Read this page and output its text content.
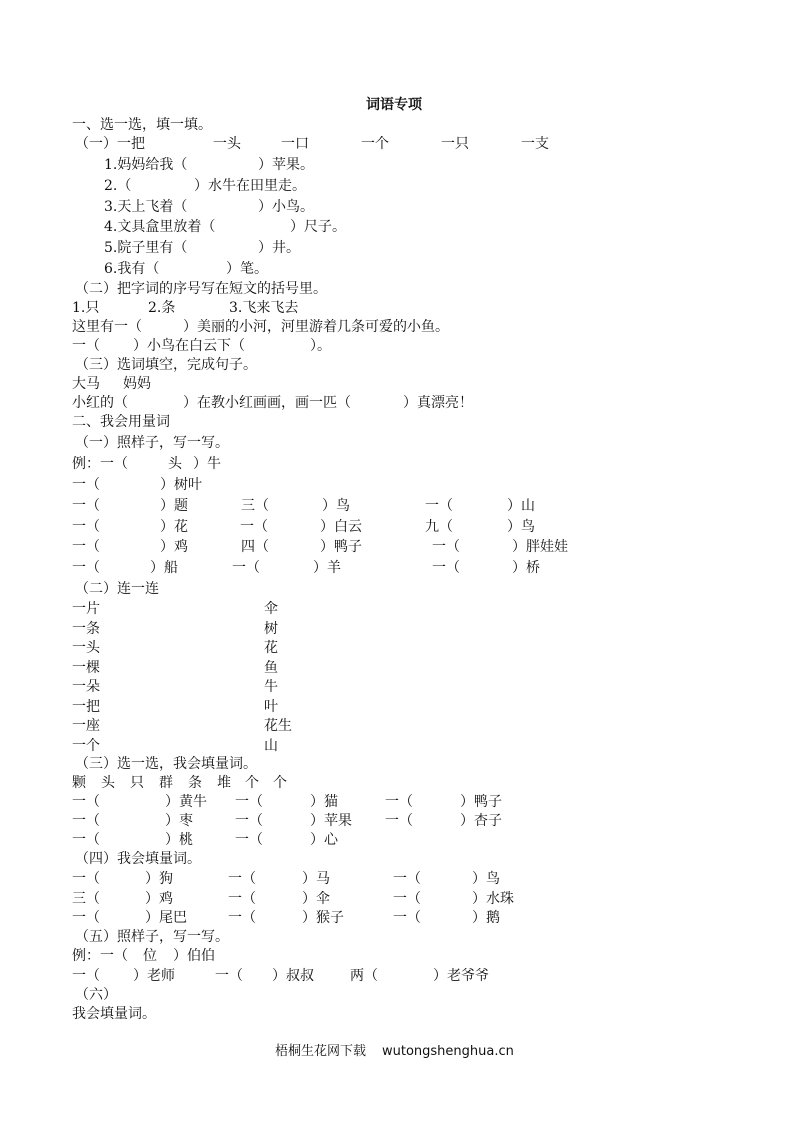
词语专项
一、选一选，填一填。
（一）一把	一头	一口	一个	一只	一支
1.妈妈给我（	）苹果。
2.（	）水牛在田里走。
3.天上飞着（	）小鸟。
4.文具盒里放着（	）尺子。
5.院子里有（	）井。
6.我有（	）笔。
（二）把字词的序号写在短文的括号里。
1.只	2.条	3.飞来飞去
这里有一（	）美丽的小河，河里游着几条可爱的小鱼。
一（ ）小鸟在白云下（	）。
（三）选词填空，完成句子。
大马 妈妈
小红的（	）在教小红画画，画一匹（	）真漂亮！
二、我会用量词
（一）照样子，写一写。
例：一（	头 ）牛
一（	）树叶
一（	）题	三（	）鸟	一（	）山
一（	）花	一（	）白云	九（	）鸟
一（	）鸡	四（	）鸭子	一（	）胖娃娃
一（	）船	一（	）羊	一（	）桥
（二）连一连
一片	伞
一条	树
一头	花
一棵	鱼
一朵	牛
一把	叶
一座	花生
一个	山
（三）选一选，我会填量词。
颗 头 只 群 条 堆 个 个
一（	）黄牛 一（	）猫	一（	）鸭子
一（	）枣	一（	）苹果 一（	）杏子
一（	）桃	一（	）心
（四）我会填量词。
一（	）狗	一（	）马	一（	）鸟
三（	）鸡	一（	）伞	一（	）水珠
一（	）尾巴	一（	）猴子	一（	）鹅
（五）照样子，写一写。
例：一（ 位 ）伯伯
一（ ）老师	一（ ）叔叔	两（	）老爷爷
（六）
我会填量词。
梧桐生花网下载 wutongshenghua.cn
